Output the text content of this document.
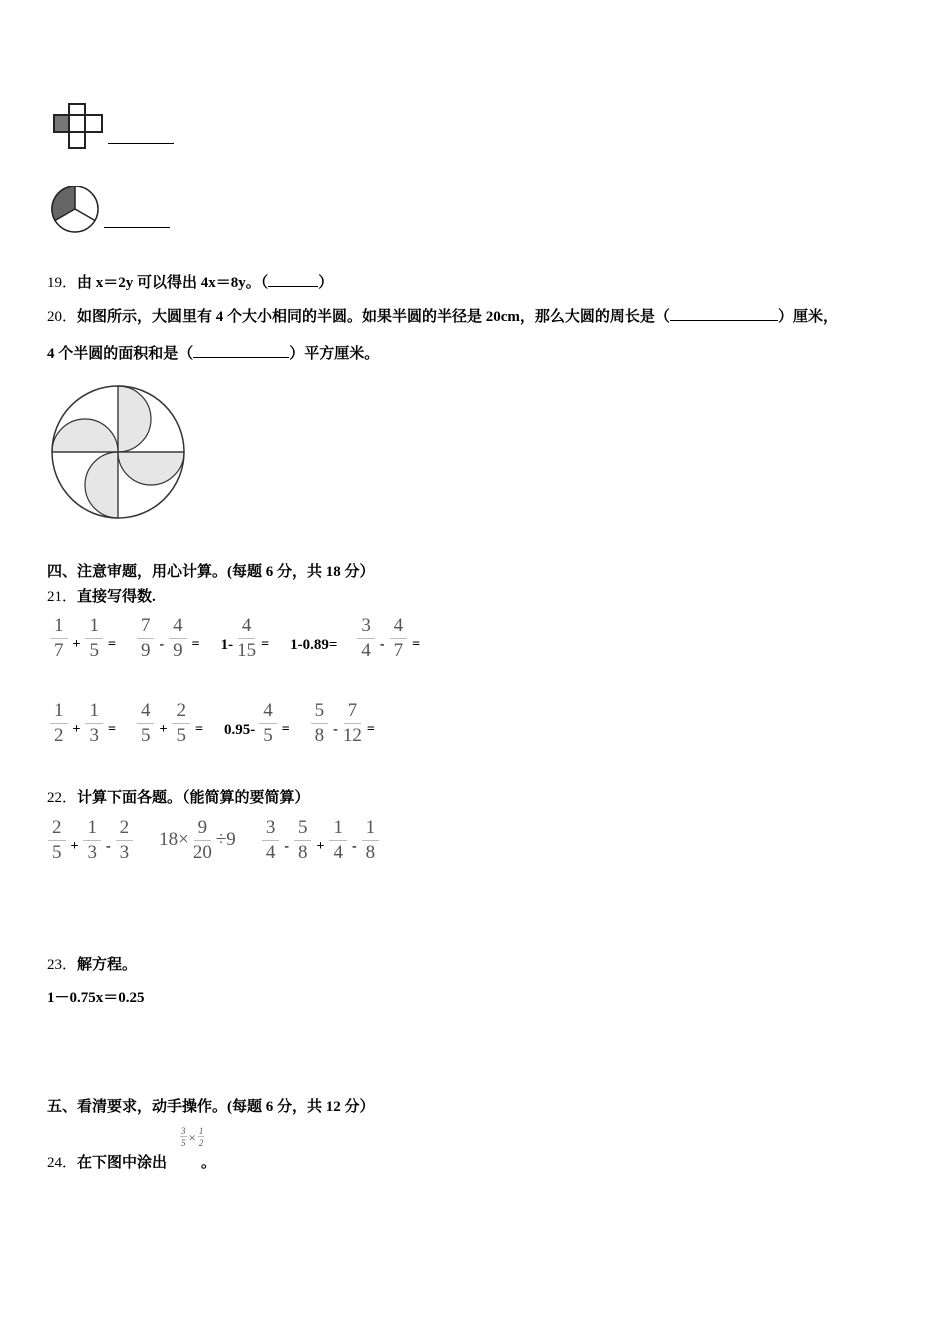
19．由 x＝2y 可以得出 4x＝8y。（	）
20．如图所示，大圆里有 4 个大小相同的半圆。如果半圆的半径是 20cm，那么大圆的周长是（	）厘米，
4 个半圆的面积和是（	）平方厘米。
四、注意审题，用心计算。(每题 6 分，共 18 分）
21．直接写得数.
$\frac{1}{7} + \frac{1}{5} = \frac{7}{9} - \frac{4}{9} = 1- \frac{4}{15} = 1-0.89= \frac{3}{4} - \frac{4}{7}$ =
$\frac{1}{2} + \frac{1}{3} = \frac{4}{5} + \frac{2}{5} = 0.95- \frac{4}{5} = \frac{5}{8} - \frac{7}{12}$ =
22．计算下面各题。（能简算的要简算）
$\frac{2}{5} + \frac{1}{3} - \frac{2}{3} 18\times \frac{9}{20} \div 9 \frac{3}{4} - \frac{5}{8} + \frac{1}{4} - \frac{1}{8}$
23．解方程。
1－0.75x＝0.25
五、看清要求，动手操作。(每题 6 分，共 12 分）
24．在下图中涂出 。
$\frac{3}{5} \times \frac{1}{2}$
